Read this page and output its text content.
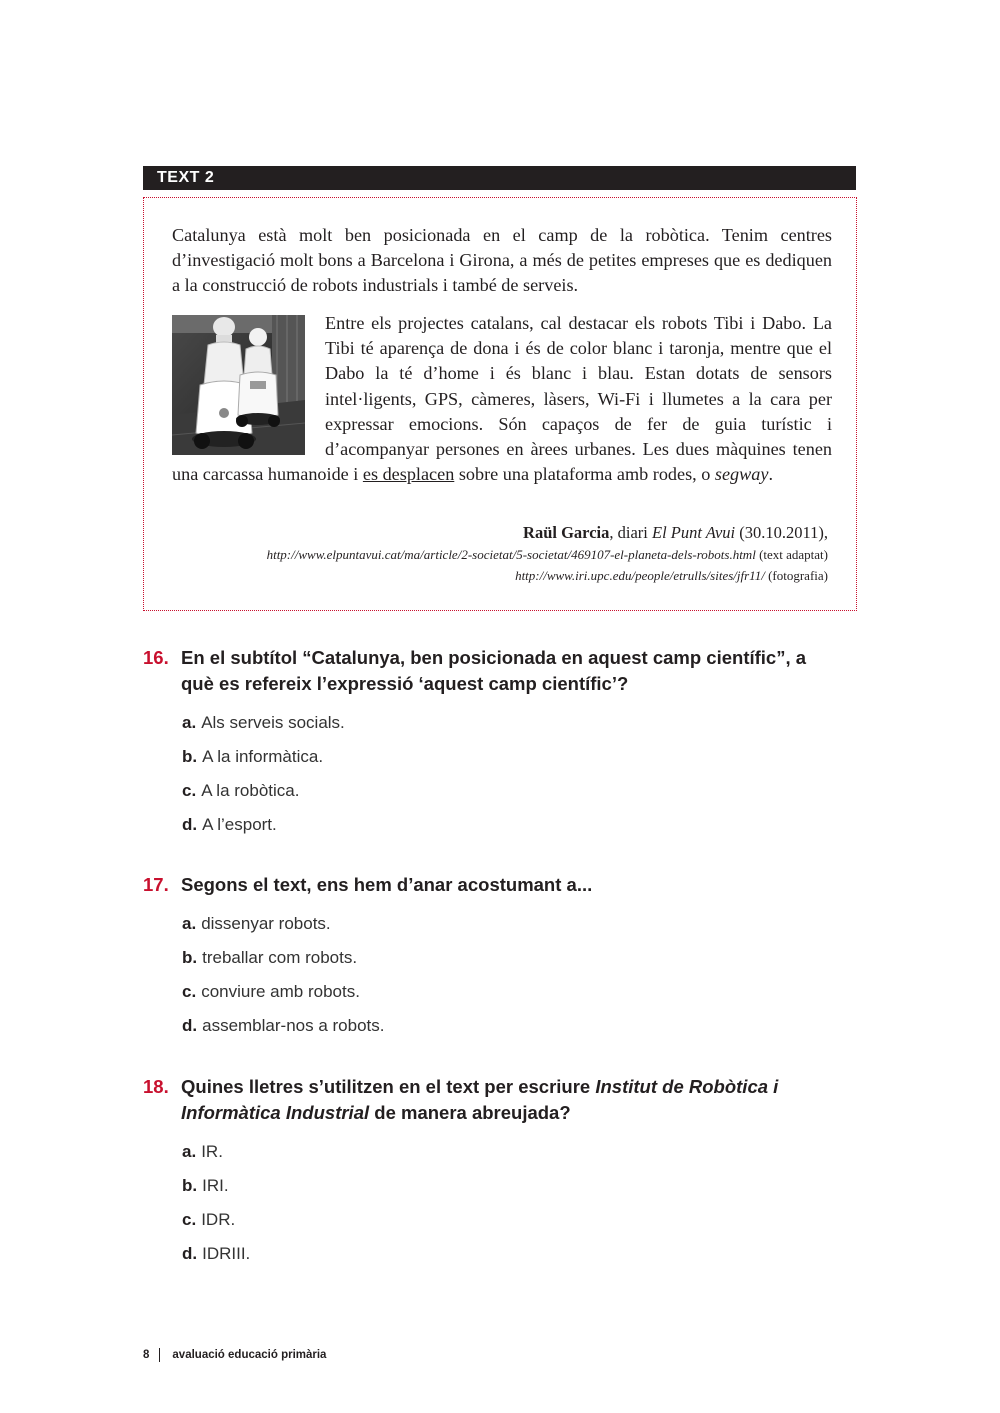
TEXT 2

Catalunya està molt ben posicionada en el camp de la robòtica. Tenim centres d’investigació molt bons a Barcelona i Girona, a més de petites empreses que es dediquen a la construcció de robots industrials i també de serveis.

Entre els projectes catalans, cal destacar els robots Tibi i Dabo. La Tibi té aparença de dona i és de color blanc i taronja, mentre que el Dabo la té d’home i és blanc i blau. Estan dotats de sensors intel·ligents, GPS, càmeres, làsers, Wi-Fi i llumetes a la cara per expressar emocions. Són capaços de fer de guia turístic i d’acompanyar persones en àrees urbanes. Les dues màquines tenen una carcassa humanoide i es desplacen sobre una plataforma amb rodes, o segway.

Raül Garcia, diari El Punt Avui (30.10.2011),
http://www.elpuntavui.cat/ma/article/2-societat/5-societat/469107-el-planeta-dels-robots.html (text adaptat)
http://www.iri.upc.edu/people/etrulls/sites/jfr11/ (fotografia)
16. En el subtítol “Catalunya, ben posicionada en aquest camp científic”, a què es refereix l’expressió ‘aquest camp científic’?
a. Als serveis socials.
b. A la informàtica.
c. A la robòtica.
d. A l’esport.
17. Segons el text, ens hem d’anar acostumant a...
a. dissenyar robots.
b. treballar com robots.
c. conviure amb robots.
d. assemblar-nos a robots.
18. Quines lletres s’utilitzen en el text per escriure Institut de Robòtica i Informàtica Industrial de manera abreujada?
a. IR.
b. IRI.
c. IDR.
d. IDRIII.
8 avaluació educació primària
